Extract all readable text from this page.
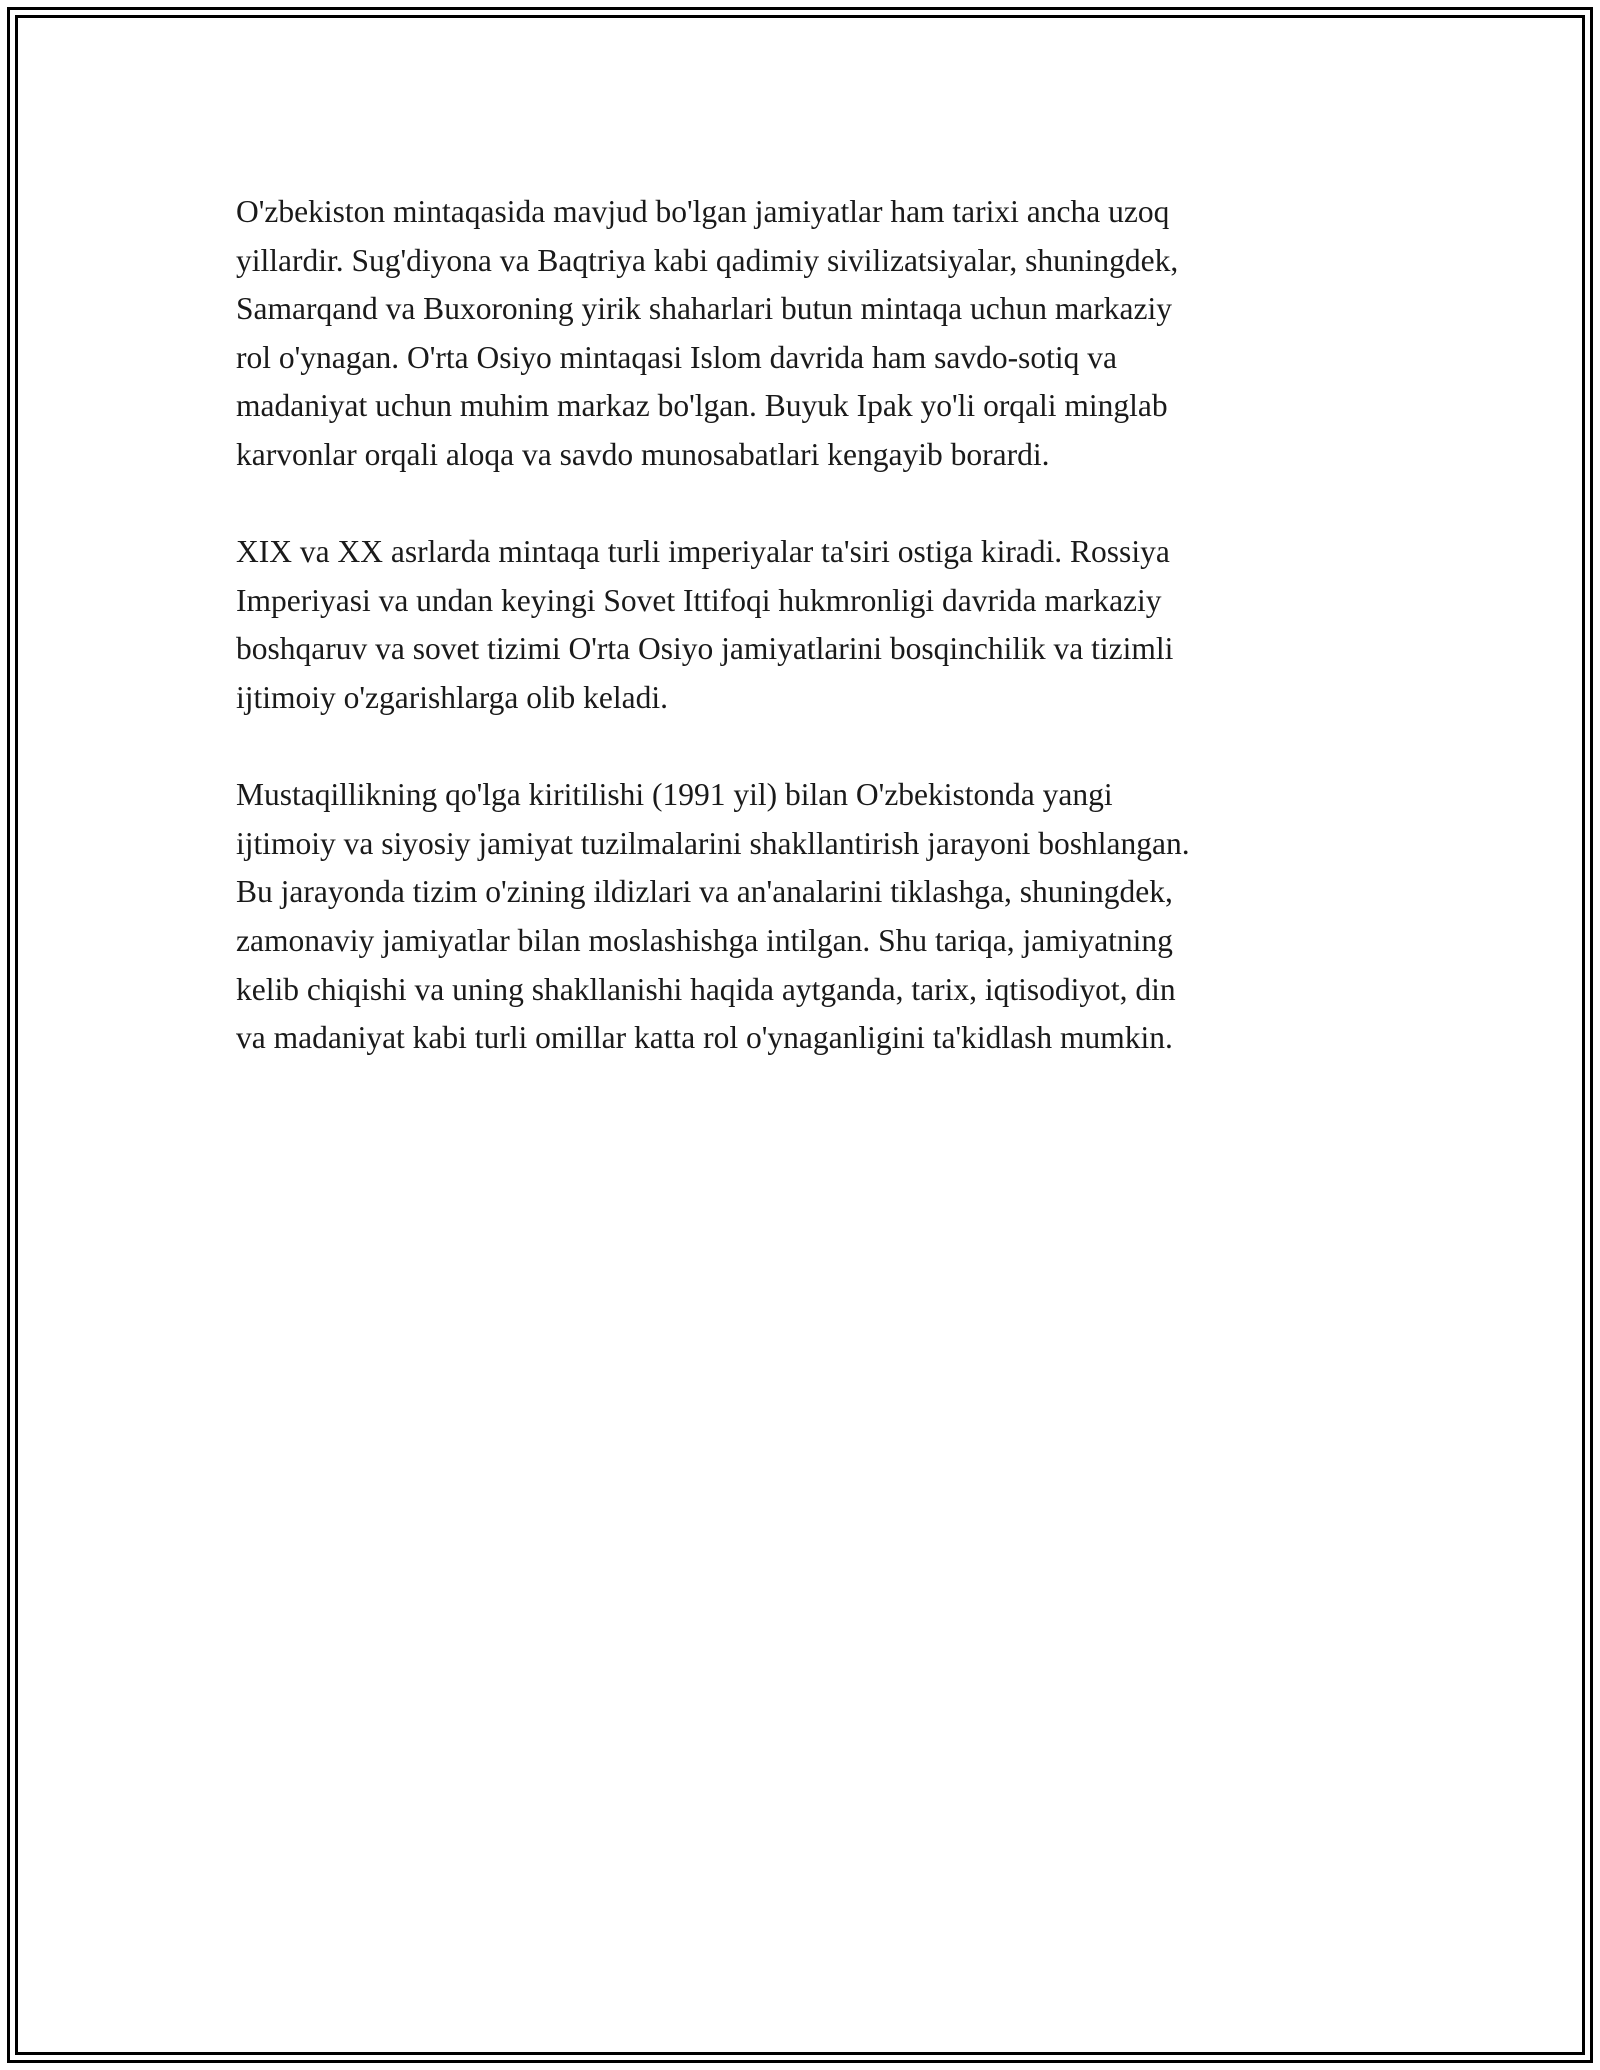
O'zbekiston mintaqasida mavjud bo'lgan jamiyatlar ham tarixi ancha uzoq
yillardir. Sug'diyona va Baqtriya kabi qadimiy sivilizatsiyalar, shuningdek,
Samarqand va Buxoroning yirik shaharlari butun mintaqa uchun markaziy
rol o'ynagan. O'rta Osiyo mintaqasi Islom davrida ham savdo-sotiq va
madaniyat uchun muhim markaz bo'lgan. Buyuk Ipak yo'li orqali minglab
karvonlar orqali aloqa va savdo munosabatlari kengayib borardi.

XIX va XX asrlarda mintaqa turli imperiyalar ta'siri ostiga kiradi. Rossiya
Imperiyasi va undan keyingi Sovet Ittifoqi hukmronligi davrida markaziy
boshqaruv va sovet tizimi O'rta Osiyo jamiyatlarini bosqinchilik va tizimli
ijtimoiy o'zgarishlarga olib keladi.

Mustaqillikning qo'lga kiritilishi (1991 yil) bilan O'zbekistonda yangi
ijtimoiy va siyosiy jamiyat tuzilmalarini shakllantirish jarayoni boshlangan.
Bu jarayonda tizim o'zining ildizlari va an'analarini tiklashga, shuningdek,
zamonaviy jamiyatlar bilan moslashishga intilgan. Shu tariqa, jamiyatning
kelib chiqishi va uning shakllanishi haqida aytganda, tarix, iqtisodiyot, din
va madaniyat kabi turli omillar katta rol o'ynaganligini ta'kidlash mumkin.
